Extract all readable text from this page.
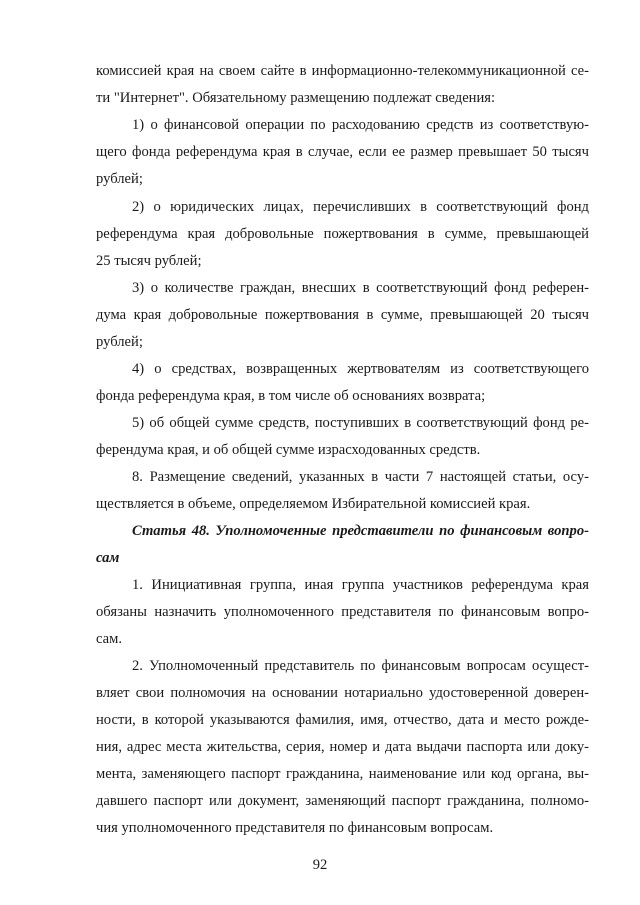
комиссией края на своем сайте в информационно-телекоммуникационной се-

ти "Интернет". Обязательному размещению подлежат сведения:

1) о финансовой операции по расходованию средств из соответствую-

щего фонда референдума края в случае, если ее размер превышает 50 тысяч

рублей;

2) о юридических лицах, перечисливших в соответствующий фонд

референдума края добровольные пожертвования в сумме, превышающей

25 тысяч рублей;

3) о количестве граждан, внесших в соответствующий фонд референ-

дума края добровольные пожертвования в сумме, превышающей 20 тысяч

рублей;

4) о средствах, возвращенных жертвователям из соответствующего

фонда референдума края, в том числе об основаниях возврата;

5) об общей сумме средств, поступивших в соответствующий фонд ре-

ферендума края, и об общей сумме израсходованных средств.

8. Размещение сведений, указанных в части 7 настоящей статьи, осу-

ществляется в объеме, определяемом Избирательной комиссией края.

Статья 48. Уполномоченные представители по финансовым вопро-

сам

1. Инициативная группа, иная группа участников референдума края

обязаны назначить уполномоченного представителя по финансовым вопро-

сам.

2. Уполномоченный представитель по финансовым вопросам осущест-

вляет свои полномочия на основании нотариально удостоверенной доверен-

ности, в которой указываются фамилия, имя, отчество, дата и место рожде-

ния, адрес места жительства, серия, номер и дата выдачи паспорта или доку-

мента, заменяющего паспорт гражданина, наименование или код органа, вы-

давшего паспорт или документ, заменяющий паспорт гражданина, полномо-

чия уполномоченного представителя по финансовым вопросам.

92
